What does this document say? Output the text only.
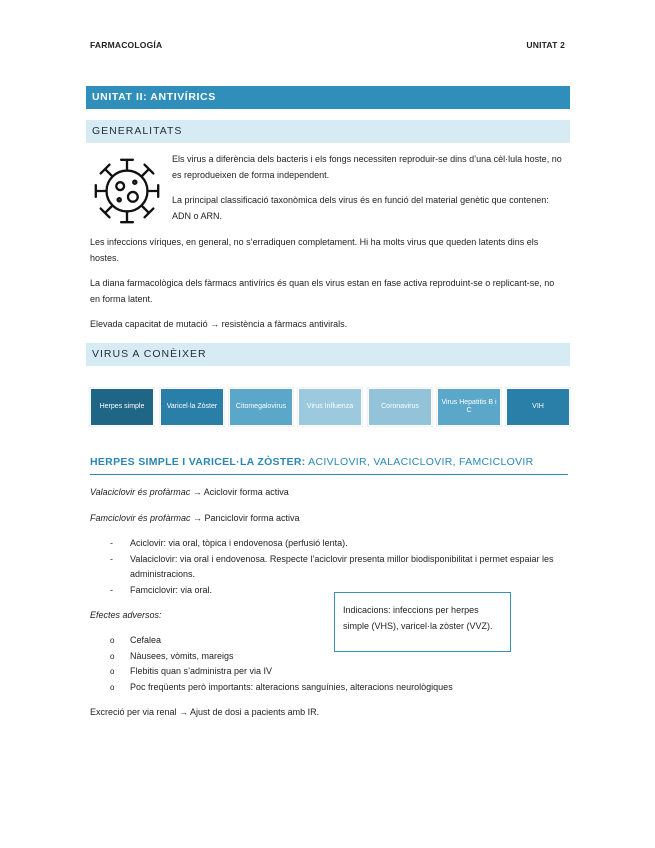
FARMACOLOGÍA	UNITAT 2
UNITAT II: ANTIVÍRICS
GENERALITATS
Els virus a diferència dels bacteris i els fongs necessiten reproduir-se dins d’una cèl·lula hoste, no es reprodueixen de forma independent.
La principal classificació taxonòmica dels virus és en funció del material genètic que contenen: ADN o ARN.
Les infeccions víriques, en general, no s’erradiquen completament. Hi ha molts virus que queden latents dins els hostes.
La diana farmacològica dels fàrmacs antivírics és quan els virus estan en fase activa reproduint-se o replicant-se, no en forma latent.
Elevada capacitat de mutació → resistència a fàrmacs antivirals.
VIRUS A CONÈIXER
Herpes simple	Varicel·la Zòster	Citomegalovirus	Virus Influenza	Coronavirus
Virus Hepatitis B i C
VIH
HERPES SIMPLE I VARICEL·LA ZÒSTER: ACIVLOVIR, VALACICLOVIR, FAMCICLOVIR
Valaciclovir és profàrmac → Aciclovir forma activa
Famciclovir és profàrmac → Panciclovir forma activa
- Aciclovir: via oral, tòpica i endovenosa (perfusió lenta).
- Valaciclovir: via oral i endovenosa. Respecte l’aciclovir presenta millor biodisponibilitat i permet espaiar les administracions.
- Famciclovir: via oral.
Efectes adversos:	Indicacions: infeccions per herpes simple (VHS), varicel·la zòster (VVZ).
o Cefalea
o Nàusees, vòmits, mareigs
o Flebitis quan s’administra per via IV
o Poc freqüents però importants: alteracions sanguínies, alteracions neurològiques
Excreció per via renal → Ajust de dosi a pacients amb IR.
